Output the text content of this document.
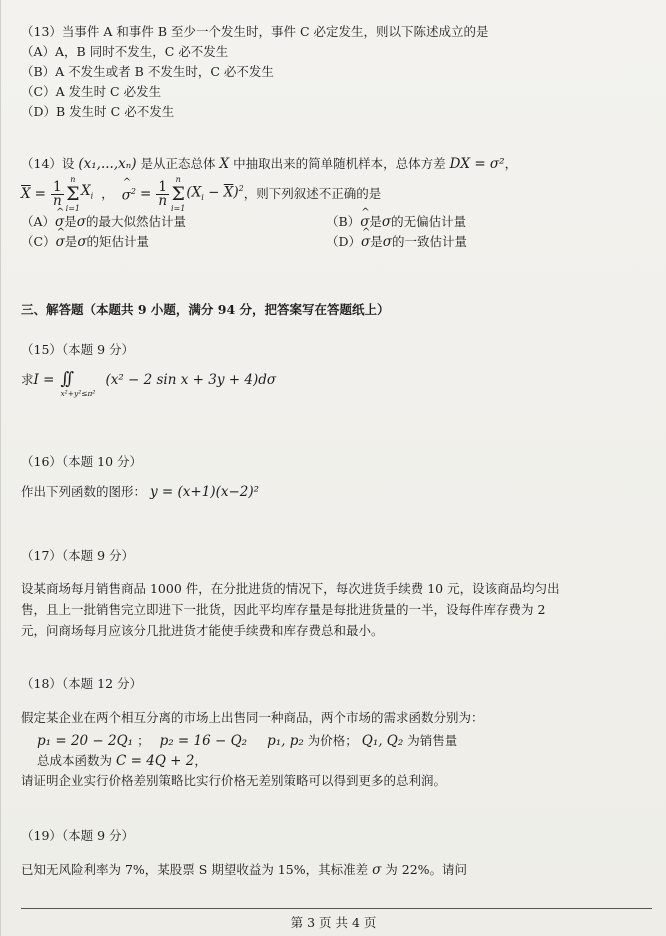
（13）当事件 A 和事件 B 至少一个发生时，事件 C 必定发生，则以下陈述成立的是
（A）A，B 同时不发生，C 必不发生
（B）A 不发生或者 B 不发生时，C 必不发生
（C）A 发生时 C 必发生
（D）B 发生时 C 必不发生
（14）设 (x₁,...,xₙ) 是从正态总体 X 中抽取出来的简单随机样本，总体方差 DX = σ²，
$\overline{X} = \frac{1}{n}$
n
Σ
i=1
$X_i$ ， ^ $\sigma^2 = \frac{1}{n}$
n
Σ
i=1
$(X_i - \overline{X})^2$ ，则下列叙述不正确的是
（A）^ σ是σ的最大似然估计量	（B）^ σ是σ的无偏估计量
（C）^ σ是σ的矩估计量	（D）^ σ是σ的一致估计量
三、解答题（本题共 9 小题，满分 94 分，把答案写在答题纸上）
（15）（本题 9 分）
求 I = ∫∫
x²+y²≤π²
(x² − 2 sin x + 3y + 4)dσ
（16）（本题 10 分）
作出下列函数的图形： y = (x+1)(x−2)²
（17）（本题 9 分）
设某商场每月销售商品 1000 件，在分批进货的情况下，每次进货手续费 10 元，设该商品均匀出
售，且上一批销售完立即进下一批货，因此平均库存量是每批进货量的一半，设每件库存费为 2
元，问商场每月应该分几批进货才能使手续费和库存费总和最小。
（18）（本题 12 分）
假定某企业在两个相互分离的市场上出售同一种商品，两个市场的需求函数分别为：
p₁ = 20 − 2Q₁ ； p₂ = 16 − Q₂ p₁, p₂ 为价格； Q₁, Q₂ 为销售量
总成本函数为 C = 4Q + 2，
请证明企业实行价格差别策略比实行价格无差别策略可以得到更多的总利润。
（19）（本题 9 分）
已知无风险利率为 7%，某股票 S 期望收益为 15%，其标准差 σ 为 22%。请问
第 3 页 共 4 页
